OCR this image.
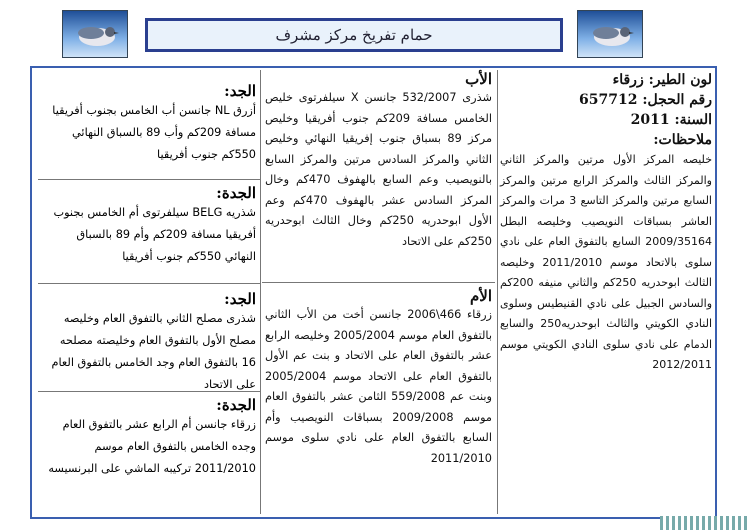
حمام تفريخ مركز مشرف
لون الطير: زرقاء
رقم الحجل: 657712
السنة: 2011
ملاحظات:
خليصه المركز الأول مرتين والمركز الثاني والمركز الثالث والمركز الرابع مرتين والمركز السابع مرتين والمركز التاسع 3 مرات والمركز العاشر بسباقات النويصيب وخليصه البطل 2009/35164 السابع بالتفوق العام على نادي سلوى بالاتحاد موسم 2011/2010 وخليصه الثالث ابوحدريه 250كم والثاني منيفه 200كم والسادس الجبيل على نادي القنيطيس وسلوى النادي الكويتي والثالث ابوحدريه250 والسابع الدمام على نادي سلوى النادي الكويتي موسم 2012/2011
الأب
شذرى 532/2007 جانسن X سيلفرتوى خليص الخامس مسافة 209كم جنوب أفريقيا وخليص مركز 89 بسباق جنوب إفريقيا النهائي وخليص الثاني والمركز السادس مرتين والمركز السابع بالنويصيب وعم السابع بالهفوف 470كم وخال المركز السادس عشر بالهفوف 470كم وعم الأول ابوحدريه 250كم وخال الثالث ابوحدريه 250كم على الاتحاد
الأم
زرقاء 466\2006 جانسن أخت من الأب الثاني بالتفوق العام موسم 2005/2004 وخليصه الرابع عشر بالتفوق العام على الاتحاد و بنت عم الأول بالتفوق العام على الاتحاد موسم 2005/2004 وبنت عم 559/2008 الثامن عشر بالتفوق العام موسم 2009/2008 بسباقات النويصيب وأم السابع بالتفوق العام على نادي سلوى موسم 2011/2010
الجد:
أزرق NL جانسن أب الخامس بجنوب أفريقيا مسافة 209كم وأب 89 بالسباق النهائي 550كم جنوب أفريقيا
الجدة:
شذريه BELG سيلفرتوى أم الخامس بجنوب أفريقيا مسافة 209كم وأم 89 بالسباق النهائي 550كم جنوب أفريقيا
الجد:
شذرى مصلح الثاني بالتفوق العام وخليصه مصلح الأول بالتفوق العام وخليصته مصلحه 16 بالتفوق العام وجد الخامس بالتفوق العام على الاتحاد
الجدة:
زرقاء جانسن أم الرابع عشر بالتفوق العام وجده الخامس بالتفوق العام موسم 2011/2010 تركيبه الماشي على البرنسيسه
